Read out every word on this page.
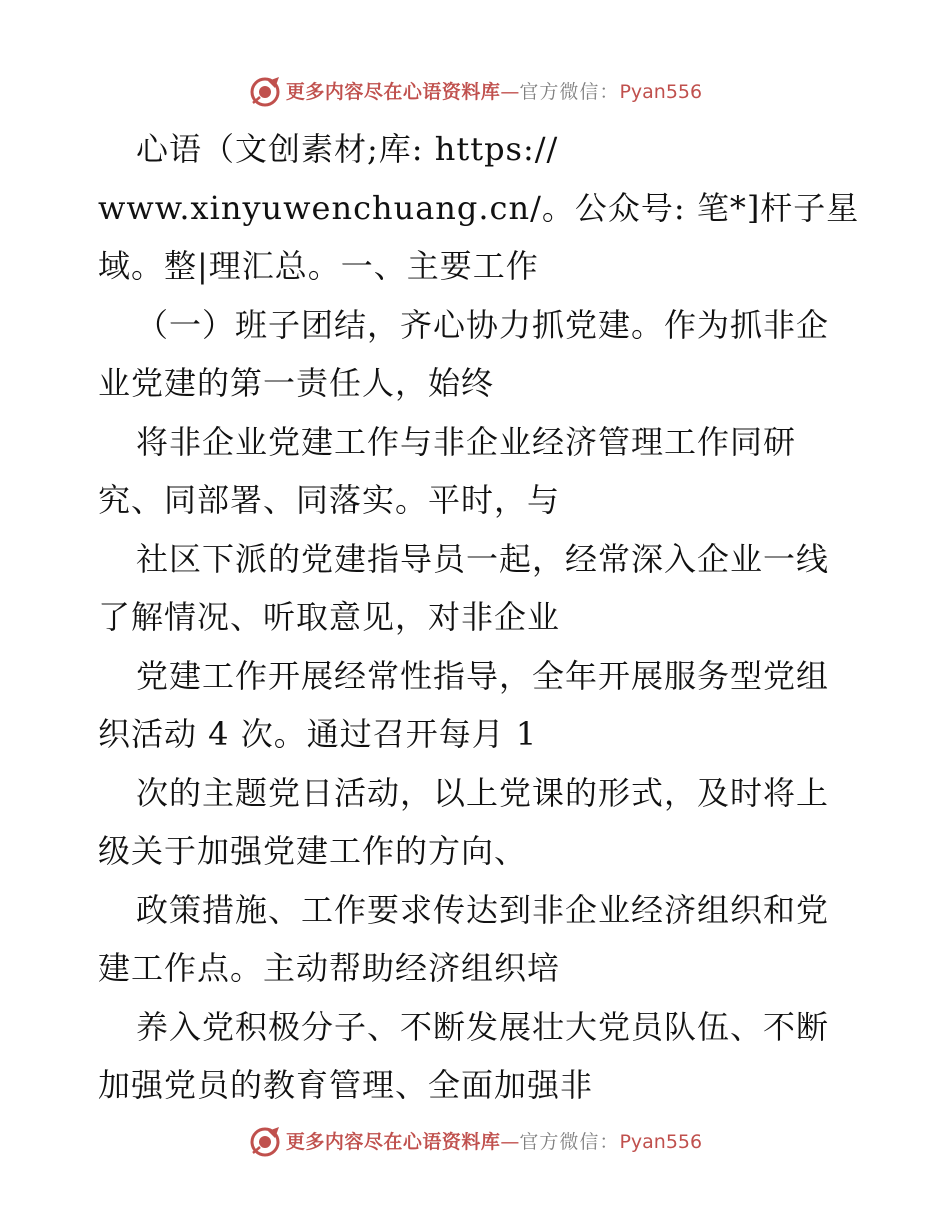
更多内容尽在心语资料库 — 官方微信： Pyan556
心语（文创素材;库: https://
www.xinyuwenchuang.cn/。公众号: 笔*]杆子星
域。整|理汇总。一、主要工作
（一）班子团结，齐心协力抓党建。作为抓非企
业党建的第一责任人，始终
将非企业党建工作与非企业经济管理工作同研
究、同部署、同落实。平时，与
社区下派的党建指导员一起，经常深入企业一线
了解情况、听取意见，对非企业
党建工作开展经常性指导，全年开展服务型党组
织活动 4 次。通过召开每月 1
次的主题党日活动，以上党课的形式，及时将上
级关于加强党建工作的方向、
政策措施、工作要求传达到非企业经济组织和党
建工作点。主动帮助经济组织培
养入党积极分子、不断发展壮大党员队伍、不断
加强党员的教育管理、全面加强非
更多内容尽在心语资料库 — 官方微信： Pyan556
